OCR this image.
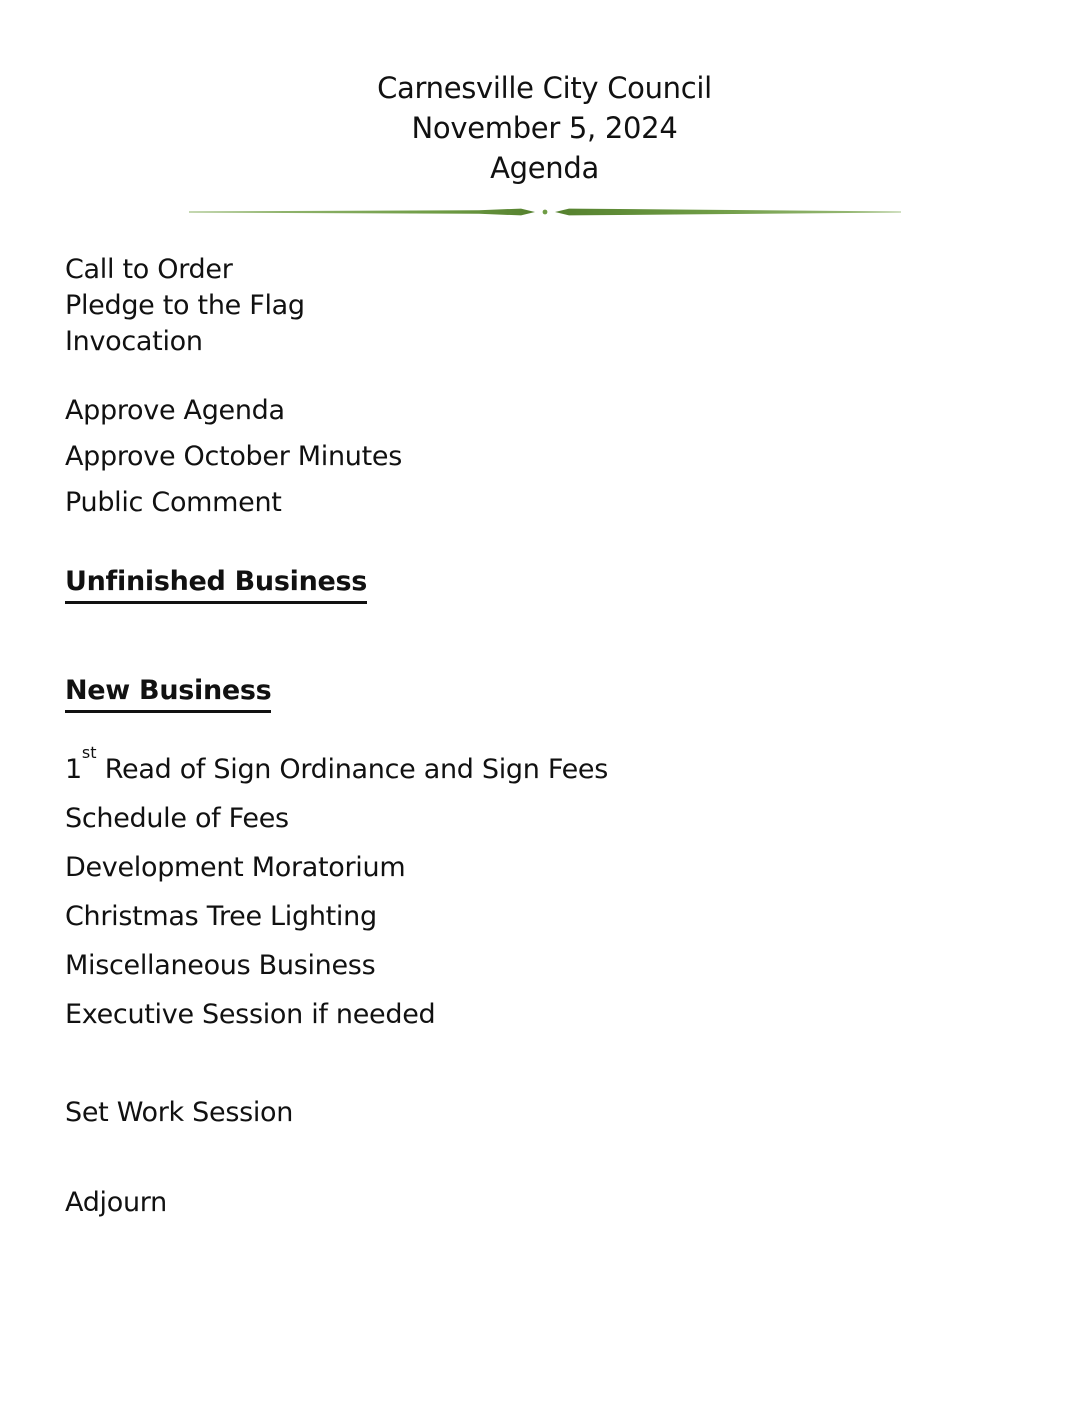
Carnesville City Council
November 5, 2024
Agenda
Call to Order
Pledge to the Flag
Invocation
Approve Agenda
Approve October Minutes
Public Comment
Unfinished Business
New Business
1st Read of Sign Ordinance and Sign Fees
Schedule of Fees
Development Moratorium
Christmas Tree Lighting
Miscellaneous Business
Executive Session if needed
Set Work Session
Adjourn
